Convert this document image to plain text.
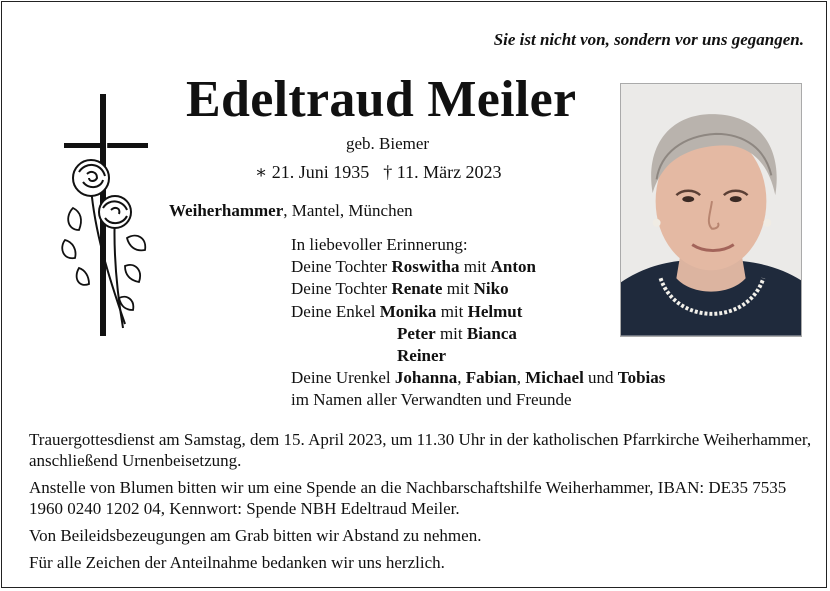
Sie ist nicht von, sondern vor uns gegangen.
Edeltraud Meiler
geb. Biemer
∗ 21. Juni 1935 † 11. März 2023
Weiherhammer, Mantel, München
In liebevoller Erinnerung:
Deine Tochter Roswitha mit Anton
Deine Tochter Renate mit Niko
Deine Enkel Monika mit Helmut
Peter mit Bianca
Reiner
Deine Urenkel Johanna, Fabian, Michael und Tobias
im Namen aller Verwandten und Freunde

Trauergottesdienst am Samstag, dem 15. April 2023, um 11.30 Uhr in der katholischen Pfarrkirche Weiherhammer, anschließend Urnenbeisetzung.

Anstelle von Blumen bitten wir um eine Spende an die Nachbarschaftshilfe Weiherhammer, IBAN: DE35 7535 1960 0240 1202 04, Kennwort: Spende NBH Edeltraud Meiler.

Von Beileidsbezeugungen am Grab bitten wir Abstand zu nehmen.

Für alle Zeichen der Anteilnahme bedanken wir uns herzlich.
